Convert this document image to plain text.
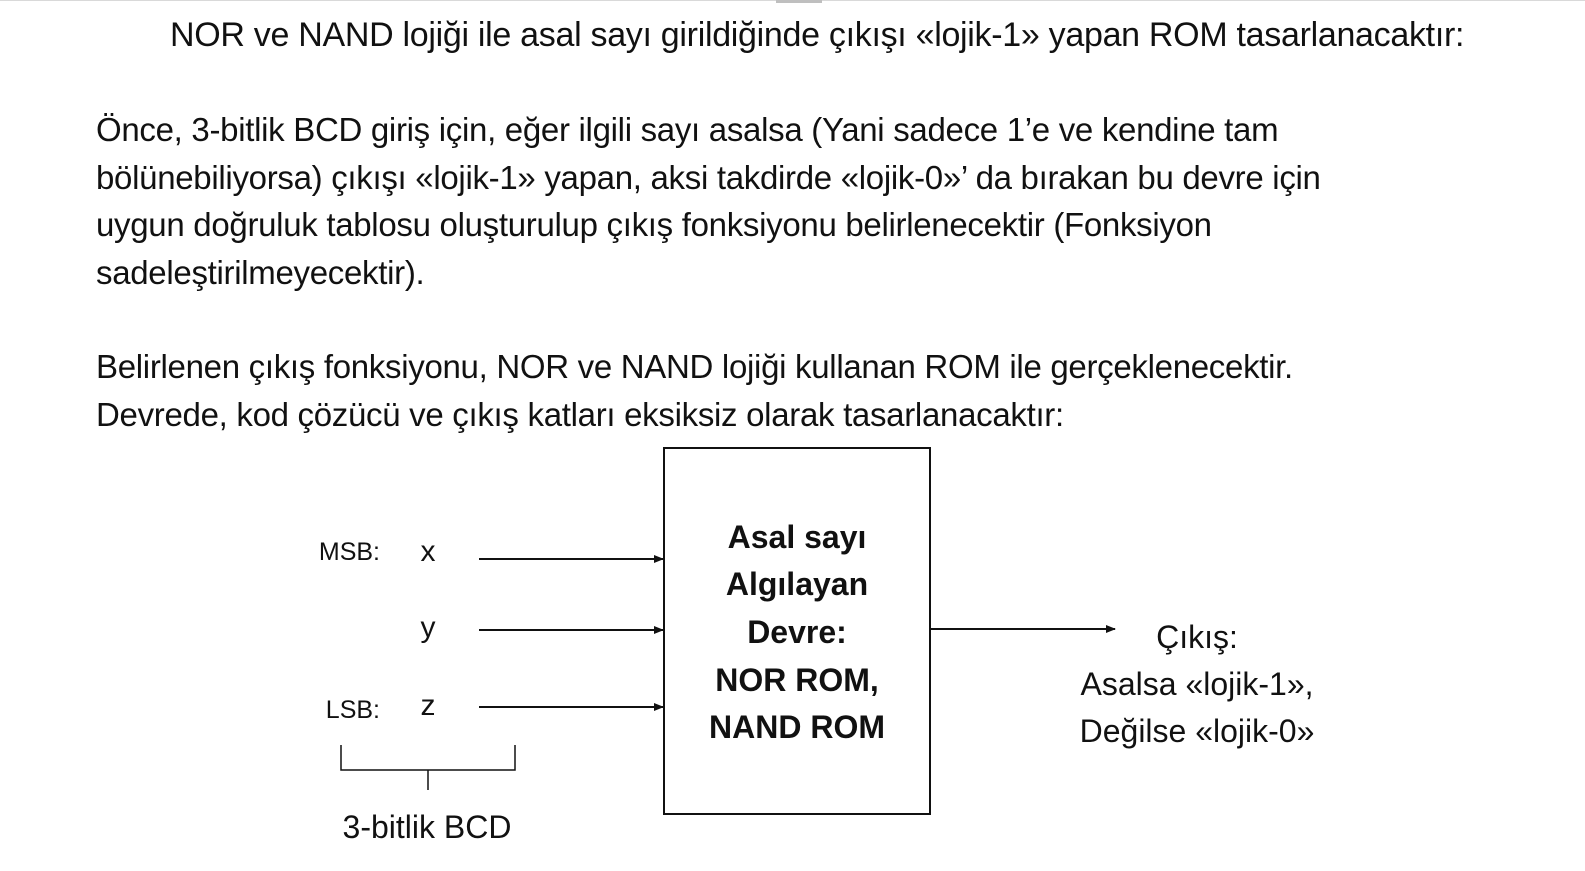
NOR ve NAND lojiği ile asal sayı girildiğinde çıkışı «lojik-1» yapan ROM tasarlanacaktır:
Önce, 3-bitlik BCD giriş için, eğer ilgili sayı asalsa (Yani sadece 1’e ve kendine tam
bölünebiliyorsa) çıkışı «lojik-1» yapan, aksi takdirde «lojik-0»’ da bırakan bu devre için
uygun doğruluk tablosu oluşturulup çıkış fonksiyonu belirlenecektir (Fonksiyon
sadeleştirilmeyecektir).
Belirlenen çıkış fonksiyonu, NOR ve NAND lojiği kullanan ROM ile gerçeklenecektir.
Devrede, kod çözücü ve çıkış katları eksiksiz olarak tasarlanacaktır:
MSB:
LSB:
x
y
z
3-bitlik BCD
Asal sayı
Algılayan
Devre:
NOR ROM,
NAND ROM
Çıkış:
Asalsa «lojik-1»,
Değilse «lojik-0»
